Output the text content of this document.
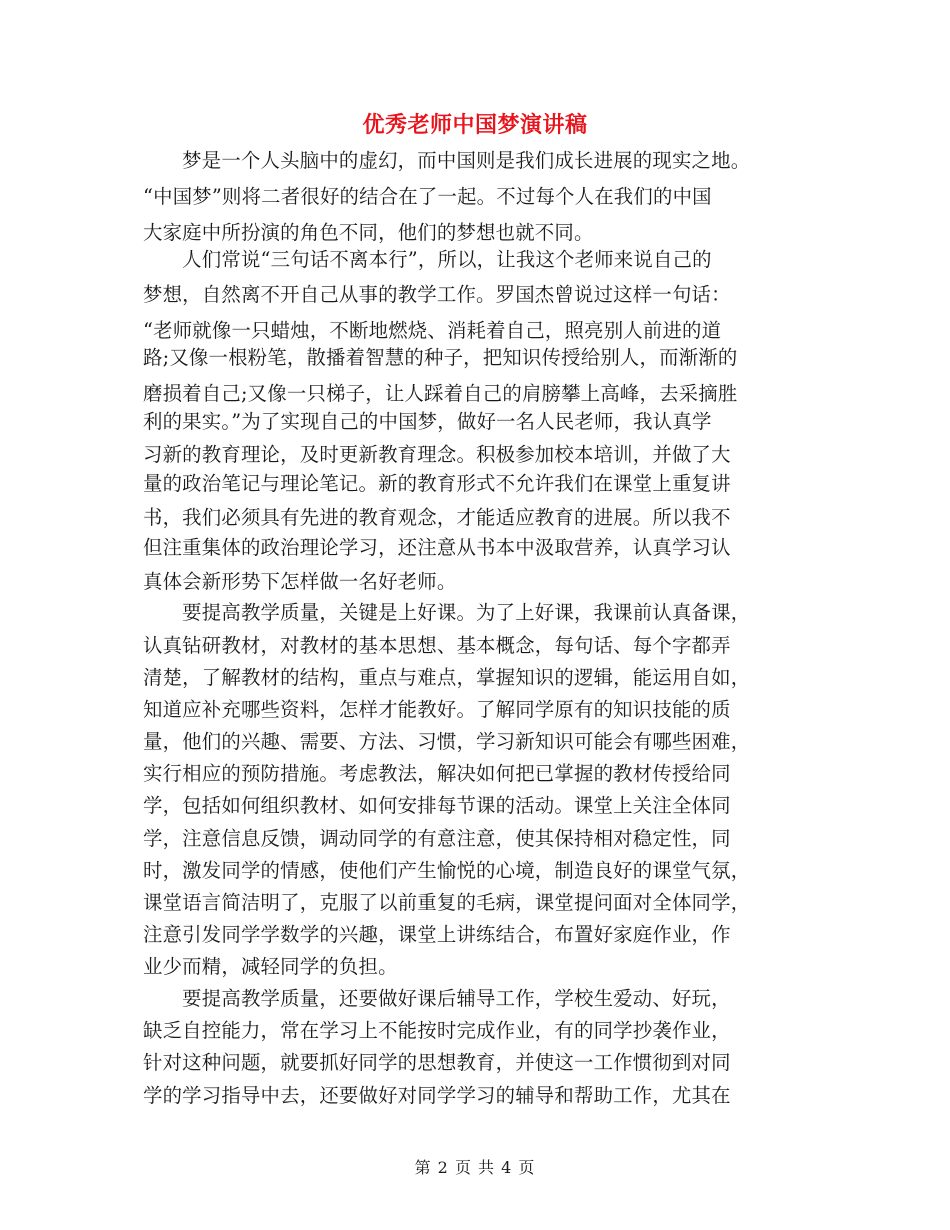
优秀老师中国梦演讲稿
　　梦是一个人头脑中的虚幻，而中国则是我们成长进展的现实之地。
“中国梦”则将二者很好的结合在了一起。不过每个人在我们的中国
大家庭中所扮演的角色不同，他们的梦想也就不同。
　　人们常说“三句话不离本行”，所以，让我这个老师来说自己的
梦想，自然离不开自己从事的教学工作。罗国杰曾说过这样一句话：
“老师就像一只蜡烛，不断地燃烧、消耗着自己，照亮别人前进的道
路;又像一根粉笔，散播着智慧的种子，把知识传授给别人，而渐渐的
磨损着自己;又像一只梯子，让人踩着自己的肩膀攀上高峰，去采摘胜
利的果实。”为了实现自己的中国梦，做好一名人民老师，我认真学
习新的教育理论，及时更新教育理念。积极参加校本培训，并做了大
量的政治笔记与理论笔记。新的教育形式不允许我们在课堂上重复讲
书，我们必须具有先进的教育观念，才能适应教育的进展。所以我不
但注重集体的政治理论学习，还注意从书本中汲取营养，认真学习认
真体会新形势下怎样做一名好老师。
　　要提高教学质量，关键是上好课。为了上好课，我课前认真备课，
认真钻研教材，对教材的基本思想、基本概念，每句话、每个字都弄
清楚，了解教材的结构，重点与难点，掌握知识的逻辑，能运用自如，
知道应补充哪些资料，怎样才能教好。了解同学原有的知识技能的质
量，他们的兴趣、需要、方法、习惯，学习新知识可能会有哪些困难，
实行相应的预防措施。考虑教法，解决如何把已掌握的教材传授给同
学，包括如何组织教材、如何安排每节课的活动。课堂上关注全体同
学，注意信息反馈，调动同学的有意注意，使其保持相对稳定性，同
时，激发同学的情感，使他们产生愉悦的心境，制造良好的课堂气氛，
课堂语言简洁明了，克服了以前重复的毛病，课堂提问面对全体同学，
注意引发同学学数学的兴趣，课堂上讲练结合，布置好家庭作业，作
业少而精，减轻同学的负担。
　　要提高教学质量，还要做好课后辅导工作，学校生爱动、好玩，
缺乏自控能力，常在学习上不能按时完成作业，有的同学抄袭作业，
针对这种问题，就要抓好同学的思想教育，并使这一工作惯彻到对同
学的学习指导中去，还要做好对同学学习的辅导和帮助工作，尤其在
第 2 页 共 4 页
